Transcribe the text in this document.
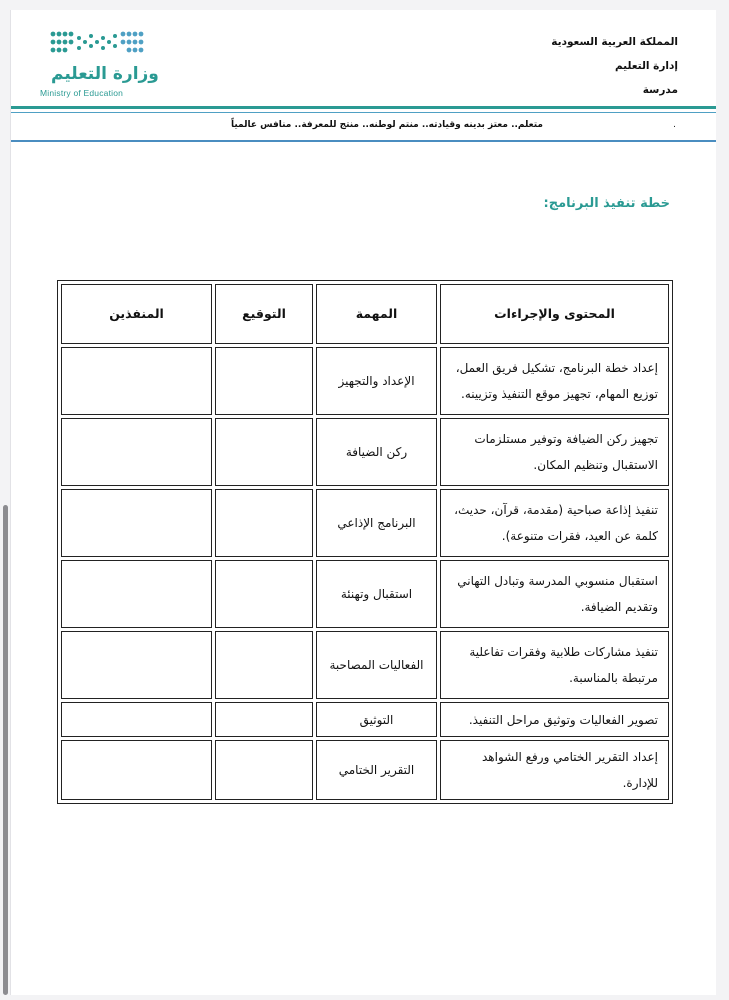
وزارة التعليم
Ministry of Education
المملكة العربية السعودية
إدارة التعليم
مدرسة
متعلم.. معتز بدينه وقيادته.. منتم لوطنه.. منتج للمعرفة.. منافس عالمياً	.
خطة تنفيذ البرنامج:
المحتوى والإجراءات	المهمة	التوقيع	المنفذين
إعداد خطة البرنامج، تشكيل فريق العمل، توزيع المهام، تجهيز موقع التنفيذ وتزيينه.	الإعداد والتجهيز		
تجهيز ركن الضيافة وتوفير مستلزمات الاستقبال وتنظيم المكان.	ركن الضيافة		
تنفيذ إذاعة صباحية (مقدمة، قرآن، حديث، كلمة عن العيد، فقرات متنوعة).	البرنامج الإذاعي		
استقبال منسوبي المدرسة وتبادل التهاني وتقديم الضيافة.	استقبال وتهنئة		
تنفيذ مشاركات طلابية وفقرات تفاعلية مرتبطة بالمناسبة.	الفعاليات المصاحبة		
تصوير الفعاليات وتوثيق مراحل التنفيذ.	التوثيق		
إعداد التقرير الختامي ورفع الشواهد للإدارة.	التقرير الختامي		
